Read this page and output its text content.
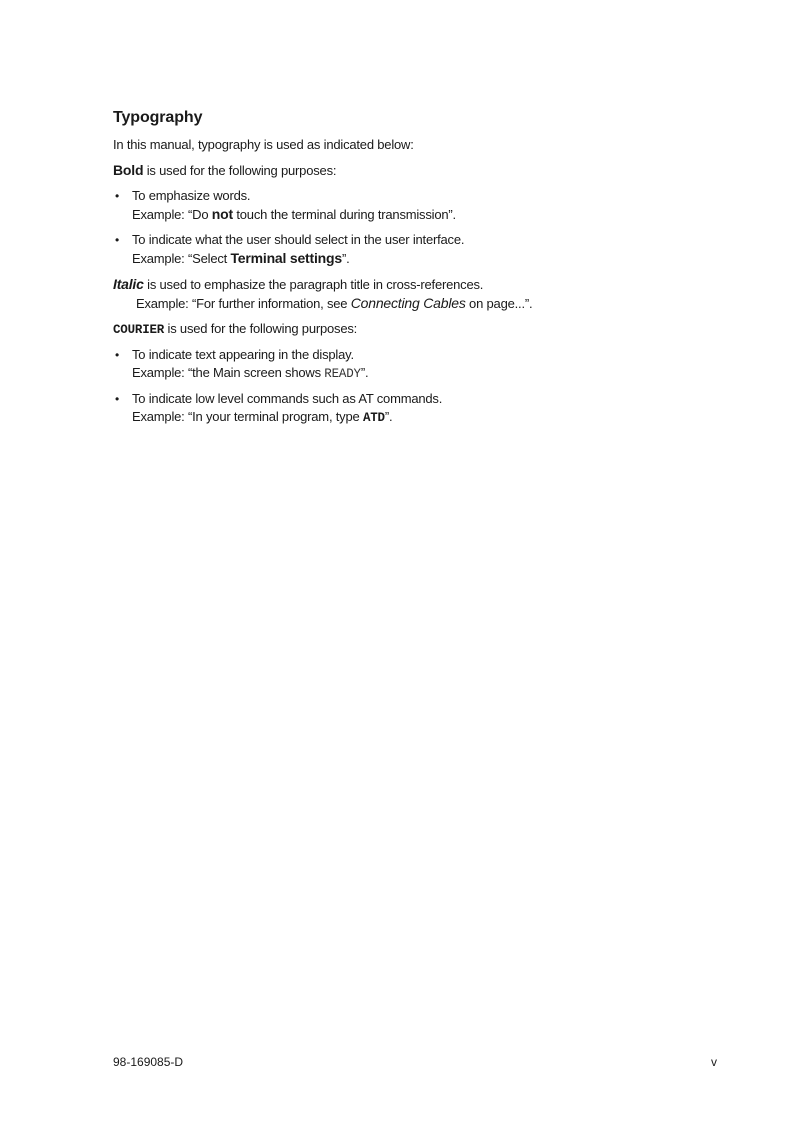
Typography

In this manual, typography is used as indicated below:

Bold is used for the following purposes:

• To emphasize words.
Example: “Do not touch the terminal during transmission”.
• To indicate what the user should select in the user interface.
Example: “Select Terminal settings”.

Italic is used to emphasize the paragraph title in cross-references.
Example: “For further information, see Connecting Cables on page...”.

COURIER is used for the following purposes:

• To indicate text appearing in the display.
Example: “the Main screen shows READY”.
• To indicate low level commands such as AT commands.
Example: “In your terminal program, type ATD”.
98-169085-D	v
